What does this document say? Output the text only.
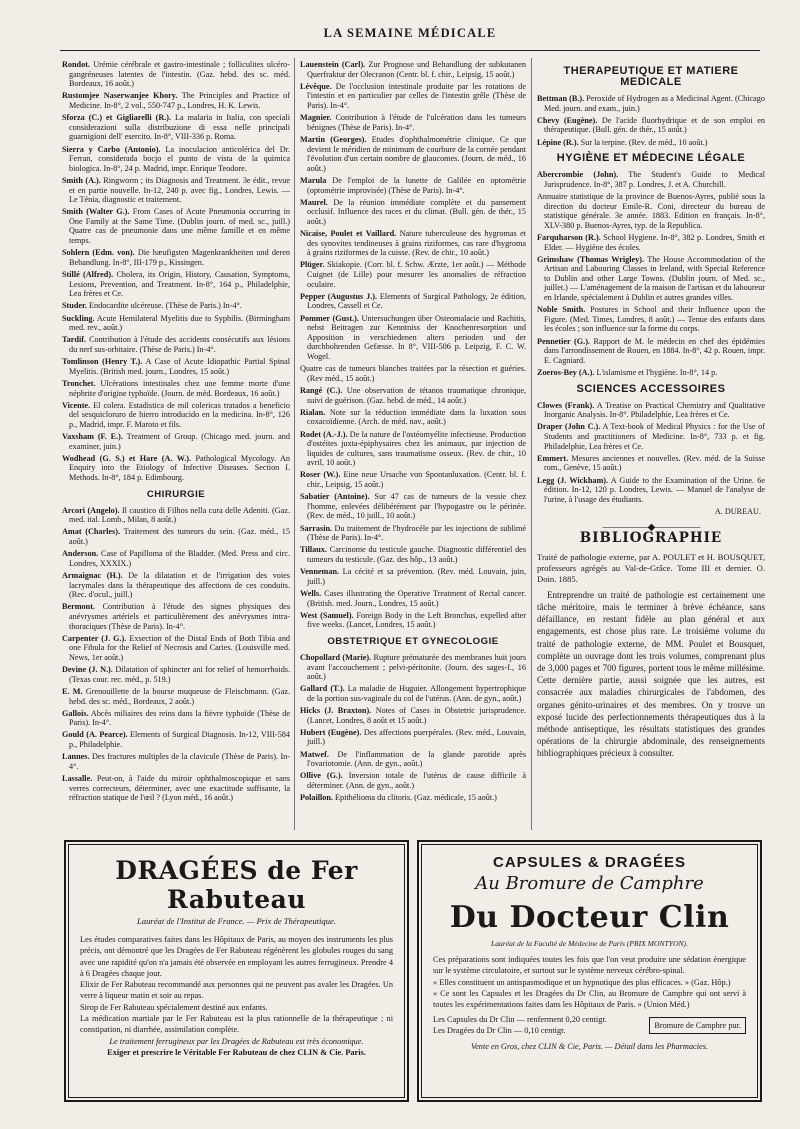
LA SEMAINE MÉDICALE

Rondot. Urémie cérébrale et gastro-intestinale ; folliculites ulcéro-gangréneuses latentes de l'intestin. (Gaz. hebd. des sc. méd. Bordeaux, 16 août.)

Rustomjee Naserwanjee Khory. The Principles and Practice of Medicine. In-8°, 2 vol., 550-747 p., Londres, H. K. Lewis.

Sforza (C.) et Gigliarelli (R.). La malaria in Italia, con speciali considerazioni sulla distribuzione di essa nelle principali guarnigioni dell' esercito. In-8°, VIII-336 p. Roma.

Sierra y Carbo (Antonio). La inoculacion anticolérica del Dr. Ferran, considerada bocjo el punto de vista de la quimica biologica. In-8°, 24 p. Madrid, impr. Enrique Teodore.

Smith (A.). Ringworm ; its Diagnosis and Treatment. 3e édit., revue et en partie nouvelle. In-12, 240 p. avec fig., Londres, Lewis. — Le Ténia, diagnostic et traitement.

Smith (Walter G.). From Cases of Acute Pneumonia occurring in One Family at the Same Time. (Dublin journ. of med. sc., juill.) Quatre cas de pneumonie dans une même famille et en même temps.

Sohlern (Edm. von). Die hæufigsten Magenkrankheiten und deren Behandlung. In-8°, III-179 p., Kissingen.

Stillé (Alfred). Cholera, its Origin, History, Causation, Symptoms, Lesions, Prevention, and Treatment. In-8°, 164 p., Philadelphie, Lea frères et Ce.

Studer. Endocardite ulcéreuse. (Thèse de Paris.) In-4°.

Suckling. Acute Hemilateral Myelitis due to Syphilis. (Birmingham med. rev., août.)

Tardif. Contribution à l'étude des accidents consécutifs aux lésions du nerf sus-orbitaire. (Thèse de Paris.) In-4°.

Tomlinson (Henry T.). A Case of Acute Idiopathic Partial Spinal Myelitis. (British med. journ., Londres, 15 août.)

Tronchet. Ulcérations intestinales chez une femme morte d'une néphrite d'origine typhoïde. (Journ. de méd. Bordeaux, 16 août.)

Vicente. El colera. Estadistica de mil colericas tratados a beneficio del sesquicloruro de hierro introducido en la medicina. In-8°, 126 p., Madrid, impr. F. Maroto et fils.

Vaxsham (F. E.). Treatment of Group. (Chicago med. journ. and examiner, juin.)

Wodhead (G. S.) et Hare (A. W.). Pathological Mycology. An Enquiry into the Etiology of Infective Diseases. Section I. Methods. In-8°, 184 p. Edimbourg.

CHIRURGIE

Arcori (Angelo). Il caustico di Filhos nella cura delle Adeniti. (Gaz. med. ital. Lomb., Milan, 8 août.)

Amat (Charles). Traitement des tumeurs du sein. (Gaz. méd., 15 août.)

Anderson. Case of Papilloma of the Bladder. (Med. Press and circ. Londres, XXXIX.)

Armaignac (H.). De la dilatation et de l'irrigation des voies lacrymales dans la thérapeutique des affections de ces conduits. (Rec. d'ocul., juill.)

Bermont. Contribution à l'étude des signes physiques des anévrysmes artériels et particulièrement des anévrysmes intra-thoraciques (Thèse de Paris). In-4°.

Carpenter (J. G.). Exsection of the Distal Ends of Both Tibia and one Fibula for the Relief of Necrosis and Caries. (Louisville med. News, 1er août.)

Devine (J. N.). Dilatation of sphincter ani for relief of hemorrhoids. (Texas cour. rec. méd., p. 519.)

E. M. Grenouillette de la bourse muqueuse de Fleischmann. (Gaz. hebd. des sc. méd., Bordeaux, 2 août.)

Gallois. Abcès miliaires des reins dans la fièvre typhoïde (Thèse de Paris). In-4°.

Gould (A. Pearce). Elements of Surgical Diagnosis. In-12, VIII-584 p., Philadelphie.

Lannes. Des fractures multiples de la clavicule (Thèse de Paris). In-4°.

Lassalle. Peut-on, à l'aide du miroir ophthalmoscopique et sans verres correcteurs, déterminer, avec une exactitude suffisante, la réfraction statique de l'œil ? (Lyon méd., 16 août.)

Lauenstein (Carl). Zur Prognose und Behandlung der subkutanen Querfraktur der Olecranon (Centr. bl. f. chir., Leipsig, 15 août.)

Lévêque. De l'occlusion intestinale produite par les rotations de l'intestin et en particulier par celles de l'intestin grêle (Thèse de Paris). In-4°.

Magnier. Contribution à l'étude de l'ulcération dans les tumeurs bénignes (Thèse de Paris). In-4°.

Martin (Georges). Etudes d'ophthalmométrie clinique. Ce que devient le méridien de minimum de courbure de la cornée pendant l'évolution d'un certain nombre de glaucomes. (Journ. de méd., 16 août.)

Marula De l'emploi de la lunette de Galilée en optométrie (optométrie improvisée) (Thèse de Paris). In-4°.

Maurel. De la réunion immédiate complète et du pansement occlusif. Influence des races et du climat. (Bull. gén. de thér., 15 août.)

Nicaise, Poulet et Vaillard. Nature tuberculeuse des hygromas et des synovites tendineuses à grains riziformes, cas rare d'hygroma à grains riziformes de la cuisse. (Rev. de chir., 10 août.)

Plüger. Skiakopie. (Corr. bl. f. Schw. Ærzte, 1er août.) — Méthode Cuignet (de Lille) pour mesurer les anomalies de réfraction oculaire.

Pepper (Augustus J.). Elements of Surgical Pathology, 2e édition, Londres, Cassell et Ce.

Pommer (Gust.). Untersuchungen über Osteomalacie und Rachitis, nebst Beitragen zur Kenntniss der Knochenresorption und Apposition in verschiedenen alters perioden und der durchbohrenden Gefæsse. In 8°, VIII-506 p. Leipzig, F. C. W. Wogel.

Quatre cas de tumeurs blanches traitées par la résection et guéries. (Rev méd., 15 août.)

Rangé (C.). Une observation de tétanos traumatique chronique, suivi de guérison. (Gaz. hebd. de méd., 14 août.)

Rialan. Note sur la réduction immédiate dans la luxation sous coxacoïdienne. (Arch. de méd. nav., août.)

Rodet (A.-J.). De la nature de l'ostéomyélite infectieuse. Production d'ostéites juxta-épiphysaires chez les animaux, par injection de liquides de cultures, sans traumatisme osseux. (Rev. de chir., 10 avril, 10 août.)

Roser (W.). Eine neue Ursache von Spontanluxation. (Centr. bl. f. chir., Leipsig, 15 août.)

Sabatier (Antoine). Sur 47 cas de tumeurs de la vessie chez l'homme, enlevées délibérément par l'hypogastre ou le périnée. (Rev. de méd., 10 juill., 10 août.)

Sarrasin. Du traitement de l'hydrocèle par les injections de sublimé (Thèse de Paris). In-4°.

Tillaux. Carcinome du testicule gauche. Diagnostic différentiel des tumeurs du testicule. (Gaz. des hôp., 13 août.)

Venneman. La cécité et sa prévention. (Rev. méd. Louvain, juin, juill.)

Wells. Cases illustrating the Operative Treatment of Rectal cancer. (British. med. Journ., Londres, 15 août.)

West (Samuel). Foreign Body in the Left Bronchus, expelled after five weeks. (Lancet, Londres, 15 août.)

OBSTETRIQUE ET GYNECOLOGIE

Chopollard (Marie). Rupture prématurée des membranes huit jours avant l'accouchement ; pelvi-péritonite. (Journ. des sages-f., 16 août.)

Gallard (T.). La maladie de Huguier. Allongement hypertrophique de la portion sus-vaginale du col de l'utérus. (Ann. de gyn., août.)

Hicks (J. Braxton). Notes of Cases in Obstetric jurisprudence. (Lancet, Londres, 8 août et 15 août.)

Hubert (Eugène). Des affections puerpérales. (Rev. méd., Louvain, juill.)

Matwef. De l'inflammation de la glande parotide après l'ovariotomie. (Ann. de gyn., août.)

Ollive (G.). Inversion totale de l'utérus de cause difficile à déterminer. (Ann. de gyn., août.)

Polaillon. Epithélioma du clitoris. (Gaz. médicale, 15 août.)

THERAPEUTIQUE ET MATIERE MEDICALE

Bettman (B.). Peroxide of Hydrogen as a Medicinal Agent. (Chicago Med. journ. and exam., juin.)

Chevy (Eugène). De l'acide fluorhydrique et de son emploi en thérapeutique. (Bull. gén. de thér., 15 août.)

Lépine (R.). Sur la terpine. (Rev. de méd., 10 août.)

HYGIÈNE ET MÉDECINE LÉGALE

Abercrombie (John). The Student's Guide to Medical Jurisprudence. In-8°, 387 p. Londres, J. et A. Churchill.

Annuaire statistique de la province de Buenos-Ayres, publié sous la direction du docteur Emile-R. Coni, directeur du bureau de statistique générale. 3e année. 1883. Edition en français. In-8°, XLV-380 p. Buenos-Ayres, typ. de la Republica.

Farquharson (R.). School Hygiene. In-8°, 382 p. Londres, Smith et Elder. — Hygiène des écoles.

Grimshaw (Thomas Wrigley). The House Accommodation of the Artisan and Labouring Classes in Ireland, with Special Reference to Dublin and other Large Towns. (Dublin journ. of Med. sc., juillet.) — L'aménagement de la maison de l'artisan et du laboureur en Irlande, spécialement à Dublin et autres grandes villes.

Noble Smith. Postures in School and their Influence upon the Figure. (Med. Times, Londres, 8 août.) — Tenue des enfants dans les écoles ; son influence sur la forme du corps.

Pennetier (G.). Rapport de M. le médecin en chef des épidémies dans l'arrondissement de Rouen, en 1884. In-8°, 42 p. Rouen, impr. E. Cagniard.

Zoeros-Bey (A.). L'islamisme et l'hygiène. In-8°, 14 p.

SCIENCES ACCESSOIRES

Clowes (Frank). A Treatise on Practical Chemistry and Qualitative Inorganic Analysis. In-8°. Philadelphie, Lea frères et Ce.

Draper (John C.). A Text-book of Medical Physics : for the Use of Students and practitioners of Medicine. In-8°, 733 p. et fig. Philadelphie, Lea frères et Ce.

Emmert. Mesures anciennes et nouvelles. (Rev. méd. de la Suisse rom., Genève, 15 août.)

Legg (J. Wickham). A Guide to the Examination of the Urine. 6e édition. In-12, 120 p. Londres, Lewis. — Manuel de l'analyse de l'urine, à l'usage des étudiants.

A. DUREAU.
—————◆—————
BIBLIOGRAPHIE

Traité de pathologie externe, par A. POULET et H. BOUSQUET, professeurs agrégés au Val-de-Grâce. Tome III et dernier. O. Doin. 1885.

Entreprendre un traité de pathologie est certainement une tâche méritoire, mais le terminer à brève échéance, sans défaillance, en restant fidèle au plan général et aux engagements, est chose plus rare. Le troisième volume du traité de pathologie externe, de MM. Poulet et Bousquet, complète un ouvrage dont les trois volumes, comprenant plus de 3,000 pages et 700 figures, portent tous le même millésime. Cette dernière partie, aussi soignée que les autres, est consacrée aux maladies chirurgicales de l'abdomen, des organes génito-urinaires et des membres. On y trouve un exposé lucide des perfectionnements thérapeutiques dus à la méthode antiseptique, les résultats statistiques des grandes opérations de la chirurgie abdominale, des renseignements bibliographiques précieux à consulter.

DRAGÉES de Fer Rabuteau
Lauréat de l'Institut de France. — Prix de Thérapeutique.

Les études comparatives faites dans les Hôpitaux de Paris, au moyen des instruments les plus précis, ont démontré que les Dragées de Fer Rabuteau régénèrent les globules rouges du sang avec une rapidité qu'on n'a jamais été observée en employant les autres ferrugineux. Prendre 4 à 6 Dragées chaque jour.

Elixir de Fer Rabuteau recommandé aux personnes qui ne peuvent pas avaler les Dragées. Un verre à liqueur matin et soir au repas.

Sirop de Fer Rabuteau spécialement destiné aux enfants.

La médication martiale par le Fer Rabuteau est la plus rationnelle de la thérapeutique ; ni constipation, ni diarrhée, assimilation complète.

Le traitement ferrugineux par les Dragées de Rabuteau est très économique.

Exiger et prescrire le Véritable Fer Rabuteau de chez CLIN & Cie. Paris.

CAPSULES & DRAGÉES
Au Bromure de Camphre
Du Docteur Clin
Lauréat de la Faculté de Médecine de Paris (PRIX MONTYON).

Ces préparations sont indiquées toutes les fois que l'on veut produire une sédation énergique sur le système circulatoire, et surtout sur le système nerveux cérébro-spinal.

« Elles constituent un antispasmodique et un hypnotique des plus efficaces. » (Gaz. Hôp.)

« Ce sont les Capsules et les Dragées du Dr Clin, au Bromure de Camphre qui ont servi à toutes les expérimentations faites dans les Hôpitaux de Paris. » (Union Méd.)

Les Capsules du Dr Clin — renferment 0,20 centigr.
Les Dragées du Dr Clin — 0,10 centigr.
Bromure de Camphre pur.
Vente en Gros, chez CLIN & Cie, Paris. — Détail dans les Pharmacies.
